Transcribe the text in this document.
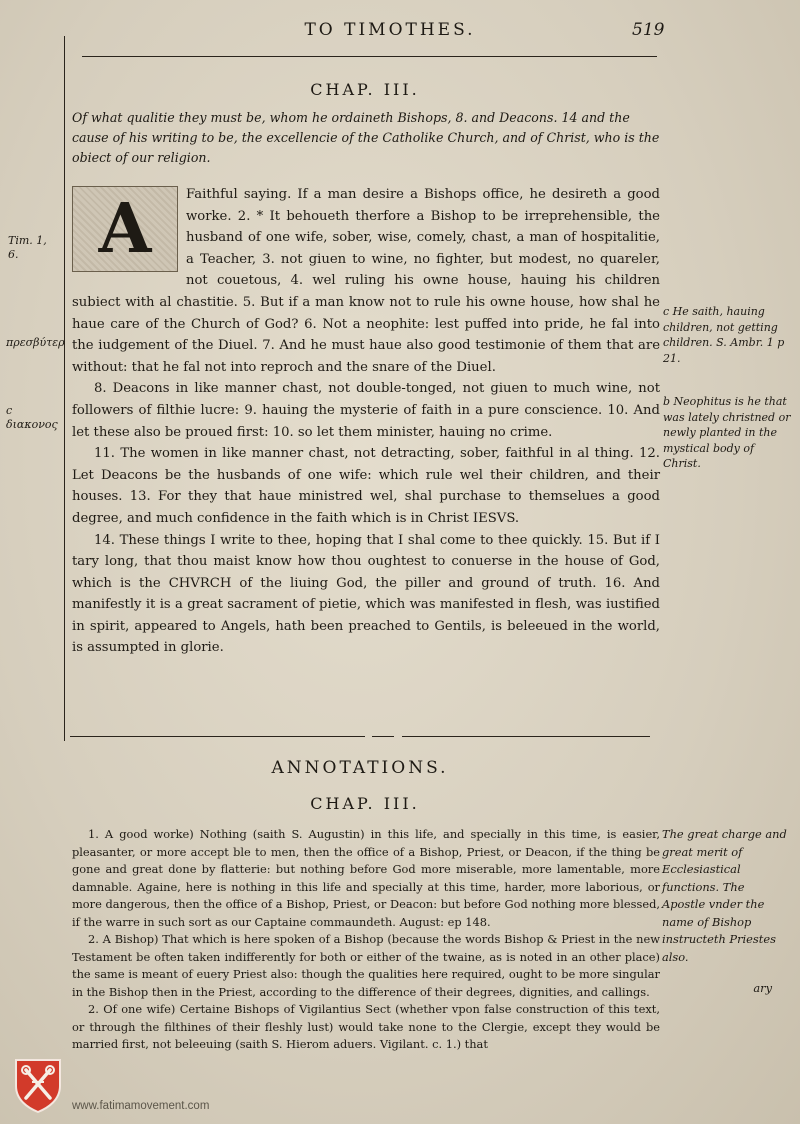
TO TIMOTHES.	519
CHAP. III.
Of what qualitie they must be, whom he ordaineth Bishops, 8. and Deacons. 14 and the cause of his writing to be, the excellencie of the Catholike Church, and of Christ, who is the obiect of our religion.

A	Faithful saying. If a man desire a Bishops office, he desireth a good worke. 2. * It behoueth therfore a Bishop to be irreprehensible, the husband of one wife, sober, wise, comely, chast, a man of hospitalitie, a Teacher, 3. not giuen to wine, no fighter, but modest, no quareler, not couetous, 4. wel ruling his owne house, hauing his children subiect with al chastitie. 5. But if a man know not to rule his owne house, how shal he haue care of the Church of God? 6. Not a neophite: lest puffed into pride, he fal into the iudgement of the Diuel. 7. And he must haue also good testimonie of them that are without: that he fal not into reproch and the snare of the Diuel.

8. Deacons in like manner chast, not double-tonged, not giuen to much wine, not followers of filthie lucre: 9. hauing the mysterie of faith in a pure conscience. 10. And let these also be proued first: 10. so let them minister, hauing no crime.

11. The women in like manner chast, not detracting, sober, faithful in al thing. 12. Let Deacons be the husbands of one wife: which rule wel their children, and their houses. 13. For they that haue ministred wel, shal purchase to themselues a good degree, and much confidence in the faith which is in Christ IESVS.

14. These things I write to thee, hoping that I shal come to thee quickly. 15. But if I tary long, that thou maist know how thou oughtest to conuerse in the house of God, which is the CHVRCH of the liuing God, the piller and ground of truth. 16. And manifestly it is a great sacrament of pietie, which was manifested in flesh, was iustified in spirit, appeared to Angels, hath been preached to Gentils, is beleeued in the world, is assumpted in glorie.

Tim. 1, 6.
πρεσβύτερ
c διακονος
c He saith, hauing children, not getting children. S. Ambr. 1 p 21.
b Neophitus is he that was lately christned or newly planted in the mystical body of Christ.
ANNOTATIONS.
CHAP. III.

1. A good worke) Nothing (saith S. Augustin) in this life, and specially in this time, is easier, pleasanter, or more accept ble to men, then the office of a Bishop, Priest, or Deacon, if the thing be gone and great done by flatterie: but nothing before God more miserable, more lamentable, more damnable. Againe, here is nothing in this life and specially at this time, harder, more laborious, or more dangerous, then the office of a Bishop, Priest, or Deacon: but before God nothing more blessed, if the warre in such sort as our Captaine commaundeth. August: ep 148.

2. A Bishop) That which is here spoken of a Bishop (because the words Bishop & Priest in the new Testament be often taken indifferently for both or either of the twaine, as is noted in an other place) the same is meant of euery Priest also: though the qualities here required, ought to be more singular in the Bishop then in the Priest, according to the difference of their degrees, dignities, and callings.

2. Of one wife) Certaine Bishops of Vigilantius Sect (whether vpon false construction of this text, or through the filthines of their fleshly lust) would take none to the Clergie, except they would be married first, not beleeuing (saith S. Hierom aduers. Vigilant. c. 1.) that

The great charge and great merit of Ecclesiastical functions. The Apostle vnder the name of Bishop instructeth Priestes also.
ary
www.fatimamovement.com
